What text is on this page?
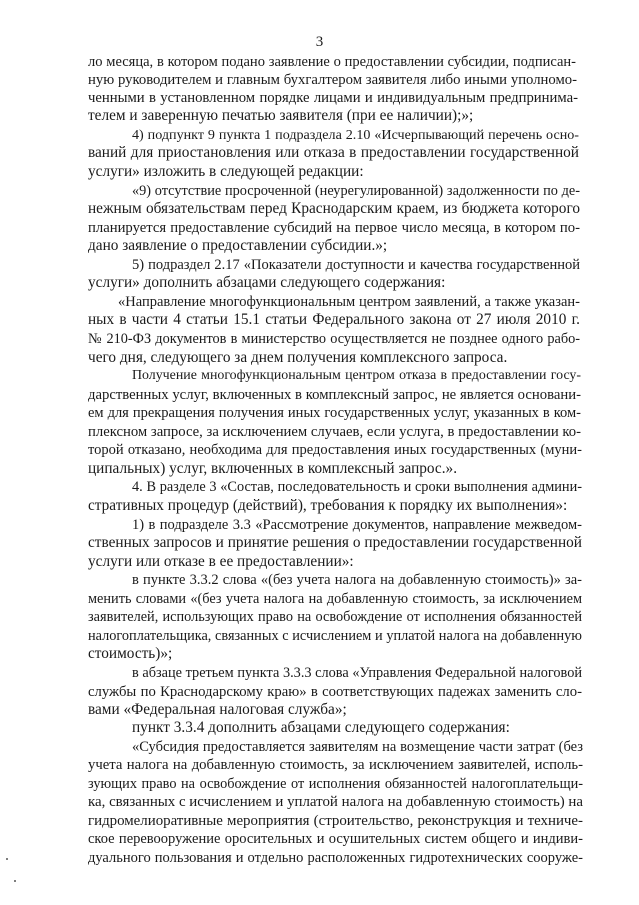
3
ло месяца, в котором подано заявление о предоставлении субсидии, подписан-
ную руководителем и главным бухгалтером заявителя либо иными уполномо-
ченными в установленном порядке лицами и индивидуальным предпринима-
телем и заверенную печатью заявителя (при ее наличии);»;
4) подпункт 9 пункта 1 подраздела 2.10 «Исчерпывающий перечень осно-
ваний для приостановления или отказа в предоставлении государственной
услуги» изложить в следующей редакции:
«9) отсутствие просроченной (неурегулированной) задолженности по де-
нежным обязательствам перед Краснодарским краем, из бюджета которого
планируется предоставление субсидий на первое число месяца, в котором по-
дано заявление о предоставлении субсидии.»;
5) подраздел 2.17 «Показатели доступности и качества государственной
услуги» дополнить абзацами следующего содержания:
«Направление многофункциональным центром заявлений, а также указан-
ных в части 4 статьи 15.1 статьи Федерального закона от 27 июля 2010 г.
№ 210-ФЗ документов в министерство осуществляется не позднее одного рабо-
чего дня, следующего за днем получения комплексного запроса.
Получение многофункциональным центром отказа в предоставлении госу-
дарственных услуг, включенных в комплексный запрос, не является основани-
ем для прекращения получения иных государственных услуг, указанных в ком-
плексном запросе, за исключением случаев, если услуга, в предоставлении ко-
торой отказано, необходима для предоставления иных государственных (муни-
ципальных) услуг, включенных в комплексный запрос.».
4. В разделе 3 «Состав, последовательность и сроки выполнения админи-
стративных процедур (действий), требования к порядку их выполнения»:
1) в подразделе 3.3 «Рассмотрение документов, направление межведом-
ственных запросов и принятие решения о предоставлении государственной
услуги или отказе в ее предоставлении»:
в пункте 3.3.2 слова «(без учета налога на добавленную стоимость)» за-
менить словами «(без учета налога на добавленную стоимость, за исключением
заявителей, использующих право на освобождение от исполнения обязанностей
налогоплательщика, связанных с исчислением и уплатой налога на добавленную
стоимость)»;
в абзаце третьем пункта 3.3.3 слова «Управления Федеральной налоговой
службы по Краснодарскому краю» в соответствующих падежах заменить сло-
вами «Федеральная налоговая служба»;
пункт 3.3.4 дополнить абзацами следующего содержания:
«Субсидия предоставляется заявителям на возмещение части затрат (без
учета налога на добавленную стоимость, за исключением заявителей, исполь-
зующих право на освобождение от исполнения обязанностей налогоплательщи-
ка, связанных с исчислением и уплатой налога на добавленную стоимость) на
гидромелиоративные мероприятия (строительство, реконструкция и техниче-
ское перевооружение оросительных и осушительных систем общего и индиви-
дуального пользования и отдельно расположенных гидротехнических сооруже-
